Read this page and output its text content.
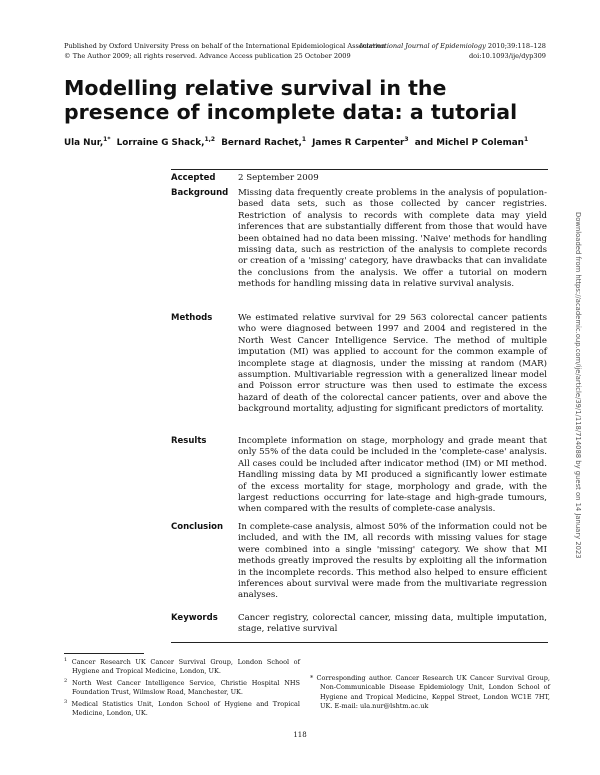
Published by Oxford University Press on behalf of the International Epidemiological Association
© The Author 2009; all rights reserved. Advance Access publication 25 October 2009
International Journal of Epidemiology 2010;39:118–128
doi:10.1093/ije/dyp309
Modelling relative survival in the presence of incomplete data: a tutorial
Ula Nur,$^{1*}$ Lorraine G Shack,$^{1,2}$ Bernard Rachet,$^1$ James R Carpenter$^3$ and Michel P Coleman$^1$
Accepted	2 September 2009
Background	Missing data frequently create problems in the analysis of population-based data sets, such as those collected by cancer registries. Restriction of analysis to records with complete data may yield inferences that are substantially different from those that would have been obtained had no data been missing. 'Naive' methods for handling missing data, such as restriction of the analysis to complete records or creation of a 'missing' category, have drawbacks that can invalidate the conclusions from the analysis. We offer a tutorial on modern methods for handling missing data in relative survival analysis.
Methods	We estimated relative survival for 29 563 colorectal cancer patients who were diagnosed between 1997 and 2004 and registered in the North West Cancer Intelligence Service. The method of multiple imputation (MI) was applied to account for the common example of incomplete stage at diagnosis, under the missing at random (MAR) assumption. Multivariable regression with a generalized linear model and Poisson error structure was then used to estimate the excess hazard of death of the colorectal cancer patients, over and above the background mortality, adjusting for significant predictors of mortality.
Results	Incomplete information on stage, morphology and grade meant that only 55% of the data could be included in the 'complete-case' analysis. All cases could be included after indicator method (IM) or MI method. Handling missing data by MI produced a significantly lower estimate of the excess mortality for stage, morphology and grade, with the largest reductions occurring for late-stage and high-grade tumours, when compared with the results of complete-case analysis.
Conclusion	In complete-case analysis, almost 50% of the information could not be included, and with the IM, all records with missing values for stage were combined into a single 'missing' category. We show that MI methods greatly improved the results by exploiting all the information in the incomplete records. This method also helped to ensure efficient inferences about survival were made from the multivariate regression analyses.
Keywords	Cancer registry, colorectal cancer, missing data, multiple imputation, stage, relative survival
Downloaded from https://academic.oup.com/ije/article/39/1/118/714088 by guest on 14 January 2023

$^1$ Cancer Research UK Cancer Survival Group, London School of Hygiene and Tropical Medicine, London, UK.

$^2$ North West Cancer Intelligence Service, Christie Hospital NHS Foundation Trust, Wilmslow Road, Manchester, UK.

$^3$ Medical Statistics Unit, London School of Hygiene and Tropical Medicine, London, UK.

* Corresponding author. Cancer Research UK Cancer Survival Group, Non-Communicable Disease Epidemiology Unit, London School of Hygiene and Tropical Medicine, Keppel Street, London WC1E 7HT, UK. E-mail: ula.nur@lshtm.ac.uk

118
